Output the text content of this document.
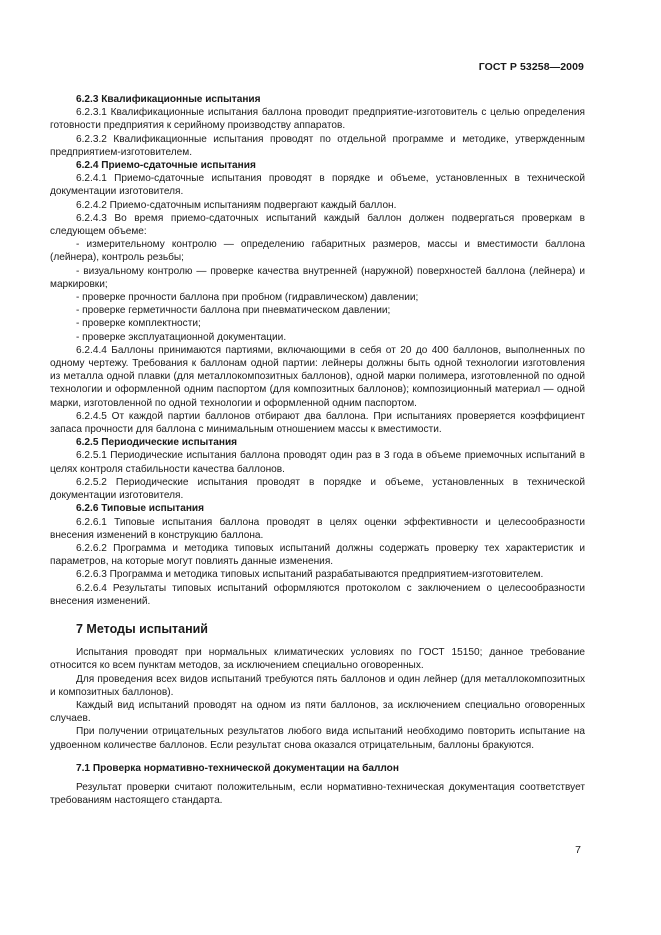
ГОСТ Р 53258—2009

6.2.3 Квалификационные испытания

6.2.3.1 Квалификационные испытания баллона проводит предприятие-изготовитель с целью определения готовности предприятия к серийному производству аппаратов.

6.2.3.2 Квалификационные испытания проводят по отдельной программе и методике, утвержденным предприятием-изготовителем.

6.2.4 Приемо-сдаточные испытания

6.2.4.1 Приемо-сдаточные испытания проводят в порядке и объеме, установленных в технической документации изготовителя.

6.2.4.2 Приемо-сдаточным испытаниям подвергают каждый баллон.

6.2.4.3 Во время приемо-сдаточных испытаний каждый баллон должен подвергаться проверкам в следующем объеме:

- измерительному контролю — определению габаритных размеров, массы и вместимости баллона (лейнера), контроль резьбы;

- визуальному контролю — проверке качества внутренней (наружной) поверхностей баллона (лейнера) и маркировки;

- проверке прочности баллона при пробном (гидравлическом) давлении;

- проверке герметичности баллона при пневматическом давлении;

- проверке комплектности;

- проверке эксплуатационной документации.

6.2.4.4 Баллоны принимаются партиями, включающими в себя от 20 до 400 баллонов, выполненных по одному чертежу. Требования к баллонам одной партии: лейнеры должны быть одной технологии изготовления из металла одной плавки (для металлокомпозитных баллонов), одной марки полимера, изготовленной по одной технологии и оформленной одним паспортом (для композитных баллонов); композиционный материал — одной марки, изготовленной по одной технологии и оформленной одним паспортом.

6.2.4.5 От каждой партии баллонов отбирают два баллона. При испытаниях проверяется коэффициент запаса прочности для баллона с минимальным отношением массы к вместимости.

6.2.5 Периодические испытания

6.2.5.1 Периодические испытания баллона проводят один раз в 3 года в объеме приемочных испытаний в целях контроля стабильности качества баллонов.

6.2.5.2 Периодические испытания проводят в порядке и объеме, установленных в технической документации изготовителя.

6.2.6 Типовые испытания

6.2.6.1 Типовые испытания баллона проводят в целях оценки эффективности и целесообразности внесения изменений в конструкцию баллона.

6.2.6.2 Программа и методика типовых испытаний должны содержать проверку тех характеристик и параметров, на которые могут повлиять данные изменения.

6.2.6.3 Программа и методика типовых испытаний разрабатываются предприятием-изготовителем.

6.2.6.4 Результаты типовых испытаний оформляются протоколом с заключением о целесообразности внесения изменений.

7 Методы испытаний

Испытания проводят при нормальных климатических условиях по ГОСТ 15150; данное требование относится ко всем пунктам методов, за исключением специально оговоренных.

Для проведения всех видов испытаний требуются пять баллонов и один лейнер (для металлокомпозитных и композитных баллонов).

Каждый вид испытаний проводят на одном из пяти баллонов, за исключением специально оговоренных случаев.

При получении отрицательных результатов любого вида испытаний необходимо повторить испытание на удвоенном количестве баллонов. Если результат снова оказался отрицательным, баллоны бракуются.

7.1 Проверка нормативно-технической документации на баллон

Результат проверки считают положительным, если нормативно-техническая документация соответствует требованиям настоящего стандарта.

7
